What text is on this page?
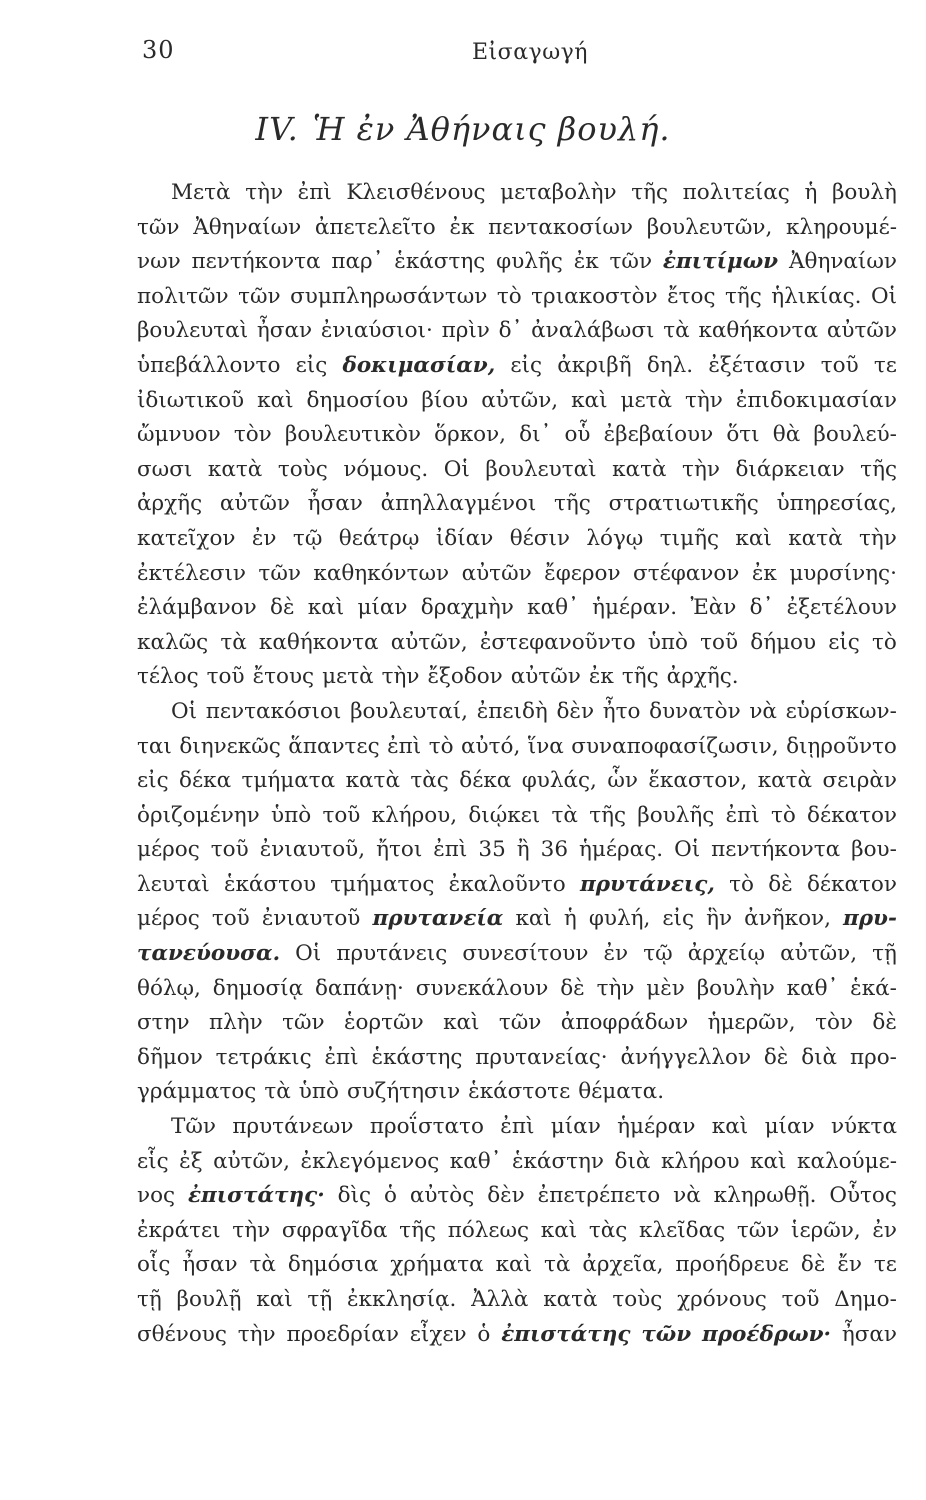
30	Εἰσαγωγή
IV. Ἡ ἐν Ἀθήναις βουλή.
Μετὰ τὴν ἐπὶ Κλεισθένους μεταβολὴν τῆς πολιτείας ἡ βουλὴ
τῶν Ἀθηναίων ἀπετελεῖτο ἐκ πεντακοσίων βουλευτῶν, κληρουμέ-
νων πεντήκοντα παρ᾽ ἑκάστης φυλῆς ἐκ τῶν ἐπιτίμων Ἀθηναίων
πολιτῶν τῶν συμπληρωσάντων τὸ τριακοστὸν ἔτος τῆς ἡλικίας. Οἱ
βουλευταὶ ἦσαν ἐνιαύσιοι· πρὶν δ᾽ ἀναλάβωσι τὰ καθήκοντα αὐτῶν
ὑπεβάλλοντο εἰς δοκιμασίαν, εἰς ἀκριβῆ δηλ. ἐξέτασιν τοῦ τε
ἰδιωτικοῦ καὶ δημοσίου βίου αὐτῶν, καὶ μετὰ τὴν ἐπιδοκιμασίαν
ὤμνυον τὸν βουλευτικὸν ὅρκον, δι᾽ οὗ ἐβεβαίουν ὅτι θὰ βουλεύ-
σωσι κατὰ τοὺς νόμους. Οἱ βουλευταὶ κατὰ τὴν διάρκειαν τῆς
ἀρχῆς αὐτῶν ἦσαν ἀπηλλαγμένοι τῆς στρατιωτικῆς ὑπηρεσίας,
κατεῖχον ἐν τῷ θεάτρῳ ἰδίαν θέσιν λόγῳ τιμῆς καὶ κατὰ τὴν
ἐκτέλεσιν τῶν καθηκόντων αὐτῶν ἔφερον στέφανον ἐκ μυρσίνης·
ἐλάμβανον δὲ καὶ μίαν δραχμὴν καθ᾽ ἡμέραν. Ἐὰν δ᾽ ἐξετέλουν
καλῶς τὰ καθήκοντα αὐτῶν, ἐστεφανοῦντο ὑπὸ τοῦ δήμου εἰς τὸ
τέλος τοῦ ἔτους μετὰ τὴν ἔξοδον αὐτῶν ἐκ τῆς ἀρχῆς.
Οἱ πεντακόσιοι βουλευταί, ἐπειδὴ δὲν ἦτο δυνατὸν νὰ εὑρίσκων-
ται διηνεκῶς ἅπαντες ἐπὶ τὸ αὐτό, ἵνα συναποφασίζωσιν, διῃροῦντο
εἰς δέκα τμήματα κατὰ τὰς δέκα φυλάς, ὧν ἕκαστον, κατὰ σειρὰν
ὁριζομένην ὑπὸ τοῦ κλήρου, διῴκει τὰ τῆς βουλῆς ἐπὶ τὸ δέκατον
μέρος τοῦ ἐνιαυτοῦ, ἤτοι ἐπὶ 35 ἢ 36 ἡμέρας. Οἱ πεντήκοντα βου-
λευταὶ ἑκάστου τμήματος ἐκαλοῦντο πρυτάνεις, τὸ δὲ δέκατον
μέρος τοῦ ἐνιαυτοῦ πρυτανεία καὶ ἡ φυλή, εἰς ἣν ἀνῆκον, πρυ-
τανεύουσα. Οἱ πρυτάνεις συνεσίτουν ἐν τῷ ἀρχείῳ αὐτῶν, τῇ
θόλῳ, δημοσίᾳ δαπάνῃ· συνεκάλουν δὲ τὴν μὲν βουλὴν καθ᾽ ἑκά-
στην πλὴν τῶν ἑορτῶν καὶ τῶν ἀποφράδων ἡμερῶν, τὸν δὲ
δῆμον τετράκις ἐπὶ ἑκάστης πρυτανείας· ἀνήγγελλον δὲ διὰ προ-
γράμματος τὰ ὑπὸ συζήτησιν ἑκάστοτε θέματα.
Τῶν πρυτάνεων προΐστατο ἐπὶ μίαν ἡμέραν καὶ μίαν νύκτα
εἷς ἐξ αὐτῶν, ἐκλεγόμενος καθ᾽ ἑκάστην διὰ κλήρου καὶ καλούμε-
νος ἐπιστάτης· δὶς ὁ αὐτὸς δὲν ἐπετρέπετο νὰ κληρωθῇ. Οὗτος
ἐκράτει τὴν σφραγῖδα τῆς πόλεως καὶ τὰς κλεῖδας τῶν ἱερῶν, ἐν
οἷς ἦσαν τὰ δημόσια χρήματα καὶ τὰ ἀρχεῖα, προήδρευε δὲ ἔν τε
τῇ βουλῇ καὶ τῇ ἐκκλησίᾳ. Ἀλλὰ κατὰ τοὺς χρόνους τοῦ Δημο-
σθένους τὴν προεδρίαν εἶχεν ὁ ἐπιστάτης τῶν προέδρων· ἦσαν
